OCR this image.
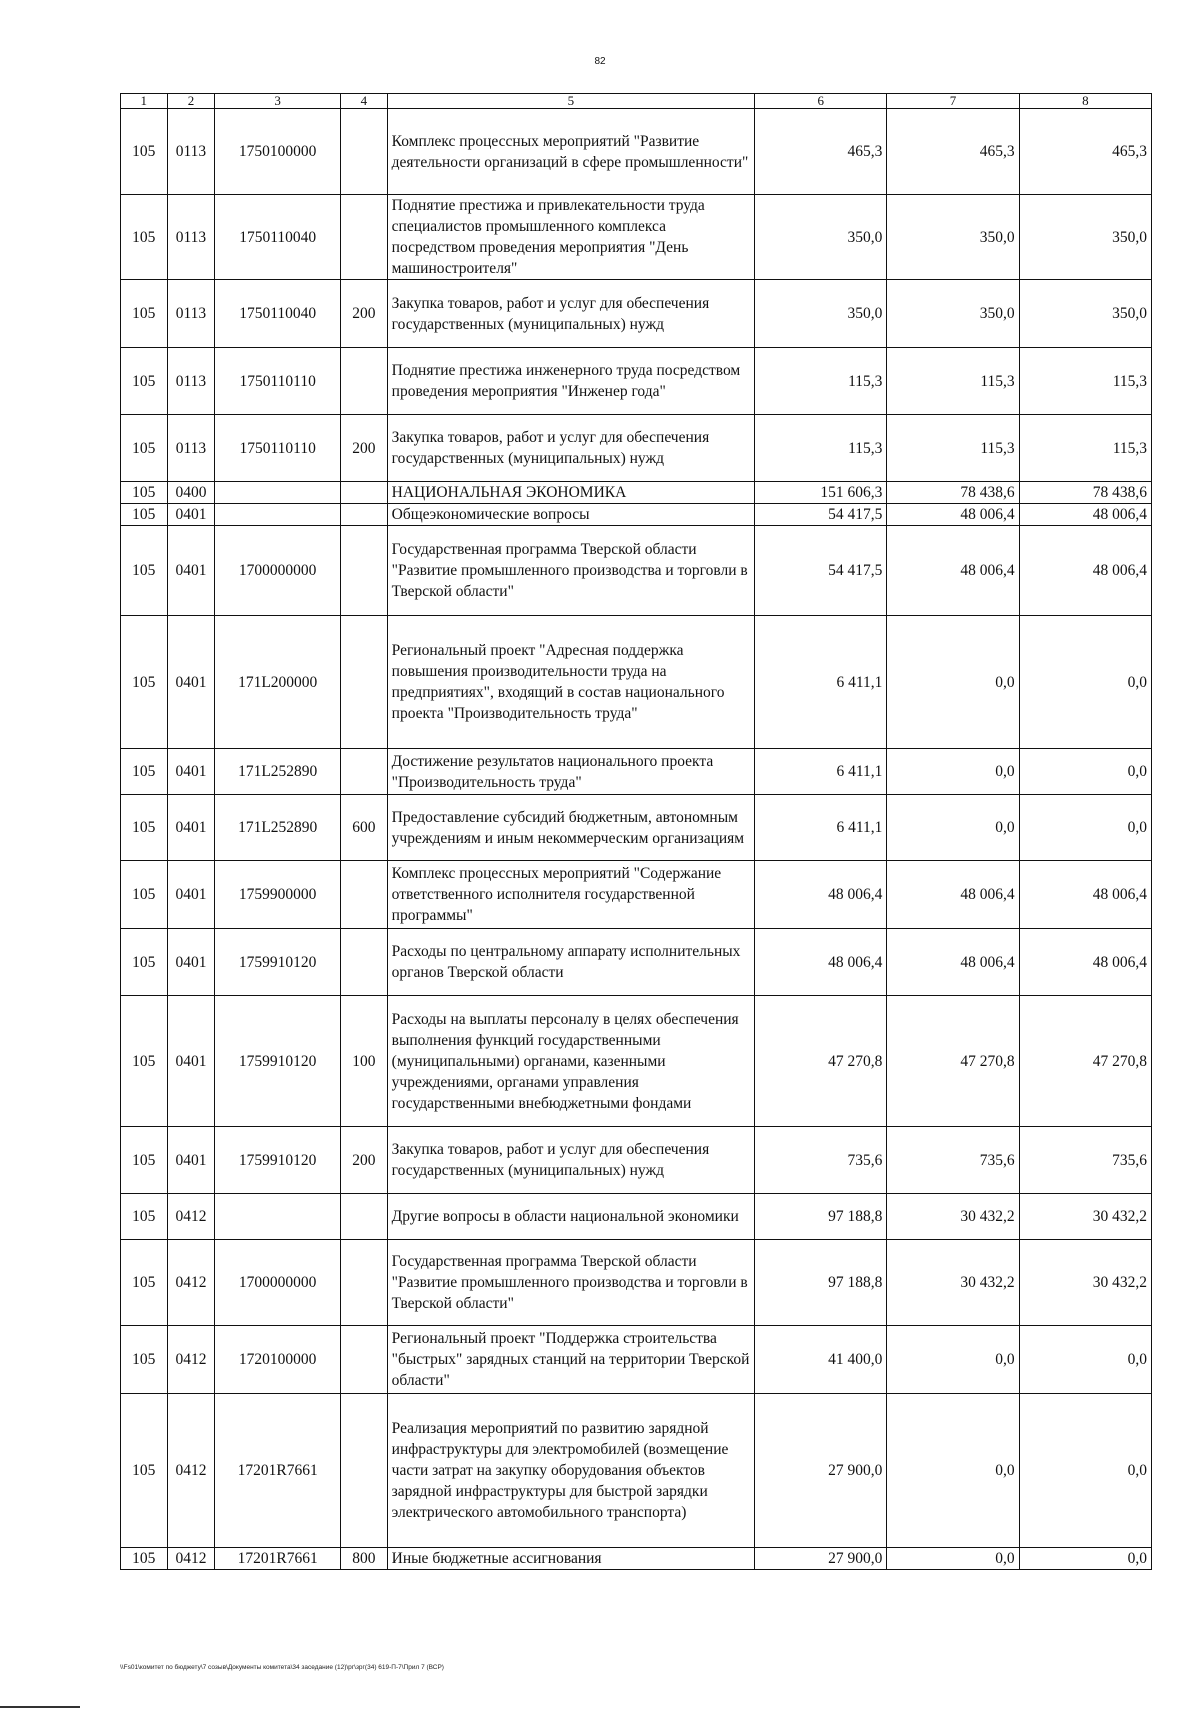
82
1	2	3	4	5	6	7	8
105	0113	1750100000		Комплекс процессных мероприятий "Развитие деятельности организаций в сфере промышленности"	465,3	465,3	465,3
105	0113	1750110040		Поднятие престижа и привлекательности труда специалистов промышленного комплекса посредством проведения мероприятия "День машиностроителя"	350,0	350,0	350,0
105	0113	1750110040	200	Закупка товаров, работ и услуг для обеспечения государственных (муниципальных) нужд	350,0	350,0	350,0
105	0113	1750110110		Поднятие престижа инженерного труда посредством проведения мероприятия "Инженер года"	115,3	115,3	115,3
105	0113	1750110110	200	Закупка товаров, работ и услуг для обеспечения государственных (муниципальных) нужд	115,3	115,3	115,3
105	0400			НАЦИОНАЛЬНАЯ ЭКОНОМИКА	151 606,3	78 438,6	78 438,6
105	0401			Общеэкономические вопросы	54 417,5	48 006,4	48 006,4
105	0401	1700000000		Государственная программа Тверской области "Развитие промышленного производства и торговли в Тверской области"	54 417,5	48 006,4	48 006,4
105	0401	171L200000		Региональный проект "Адресная поддержка повышения производительности труда на предприятиях", входящий в состав национального проекта "Производительность труда"	6 411,1	0,0	0,0
105	0401	171L252890		Достижение результатов национального проекта "Производительность труда"	6 411,1	0,0	0,0
105	0401	171L252890	600	Предоставление субсидий бюджетным, автономным учреждениям и иным некоммерческим организациям	6 411,1	0,0	0,0
105	0401	1759900000		Комплекс процессных мероприятий "Содержание ответственного исполнителя государственной программы"	48 006,4	48 006,4	48 006,4
105	0401	1759910120		Расходы по центральному аппарату исполнительных органов Тверской области	48 006,4	48 006,4	48 006,4
105	0401	1759910120	100	Расходы на выплаты персоналу в целях обеспечения выполнения функций государственными (муниципальными) органами, казенными учреждениями, органами управления государственными внебюджетными фондами	47 270,8	47 270,8	47 270,8
105	0401	1759910120	200	Закупка товаров, работ и услуг для обеспечения государственных (муниципальных) нужд	735,6	735,6	735,6
105	0412			Другие вопросы в области национальной экономики	97 188,8	30 432,2	30 432,2
105	0412	1700000000		Государственная программа Тверской области "Развитие промышленного производства и торговли в Тверской области"	97 188,8	30 432,2	30 432,2
105	0412	1720100000		Региональный проект "Поддержка строительства "быстрых" зарядных станций на территории Тверской области"	41 400,0	0,0	0,0
105	0412	17201R7661		Реализация мероприятий по развитию зарядной инфраструктуры для электромобилей (возмещение части затрат на закупку оборудования объектов зарядной инфраструктуры для быстрой зарядки электрического автомобильного транспорта)	27 900,0	0,0	0,0
105	0412	17201R7661	800	Иные бюджетные ассигнования	27 900,0	0,0	0,0
\\Fs01\комитет по бюджету\7 созыв\Документы комитета\34 заседание (12)\рг\зрг(34) 619-П-7\Прил 7 (ВСР)
